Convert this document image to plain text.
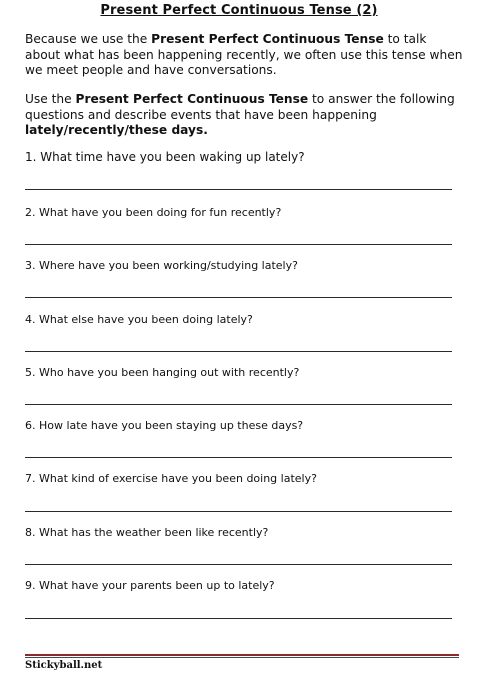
Present Perfect Continuous Tense (2)

Because we use the Present Perfect Continuous Tense to talk about what has been happening recently, we often use this tense when we meet people and have conversations.

Use the Present Perfect Continuous Tense to answer the following questions and describe events that have been happening lately/recently/these days.

1. What time have you been waking up lately?

2. What have you been doing for fun recently?

3. Where have you been working/studying lately?

4. What else have you been doing lately?

5. Who have you been hanging out with recently?

6. How late have you been staying up these days?

7. What kind of exercise have you been doing lately?

8. What has the weather been like recently?

9. What have your parents been up to lately?

Stickyball.net
